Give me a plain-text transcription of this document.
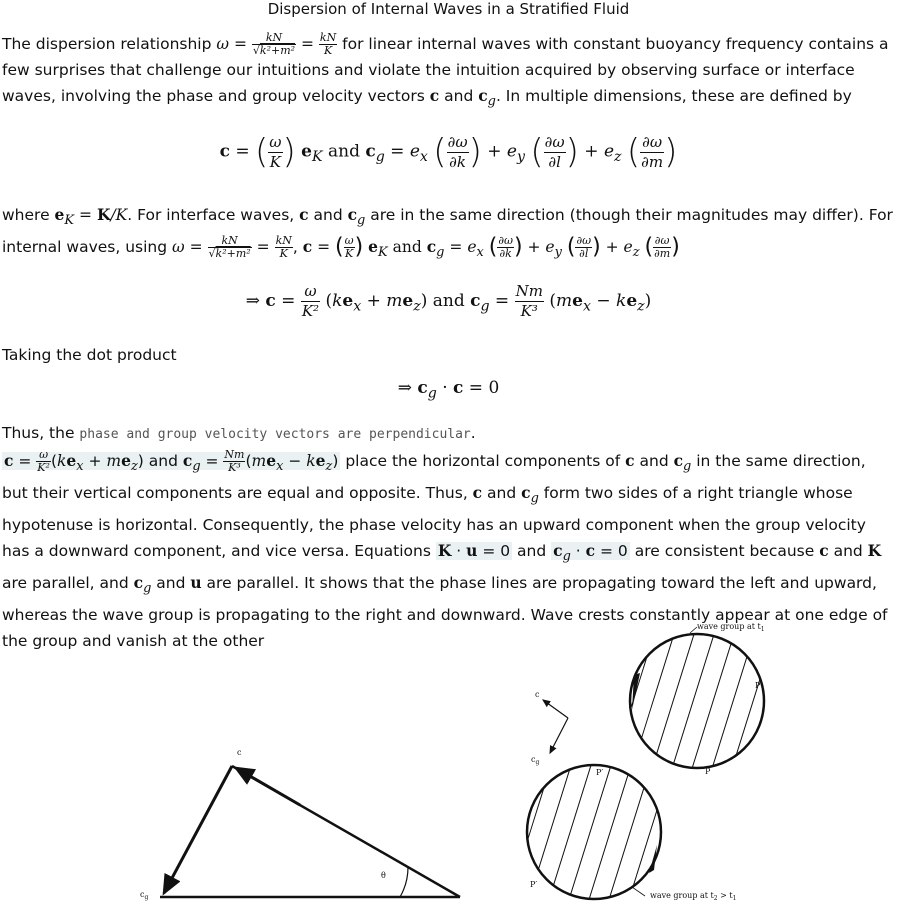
Dispersion of Internal Waves in a Stratified Fluid
The dispersion relationship $\omega = \frac{kN}{\text{√k²+m²}} = \frac{kN}{K}$ for linear internal waves with constant buoyancy frequency contains a few surprises that challenge our intuitions and violate the intuition acquired by observing surface or interface waves, involving the phase and group velocity vectors c and $c_g$. In multiple dimensions, these are defined by
c = ( $\frac{\omega}{K}$ ) $e_K$ and $c_g = e_x$ ( $\frac{\partial\omega}{\partial k}$ ) + $e_y$ ( $\frac{\partial\omega}{\partial l}$ ) + $e_z$ ( $\frac{\partial\omega}{\partial m}$ )
where $e_K = K/K$. For interface waves, c and $c_g$ are in the same direction (though their magnitudes may differ). For internal waves, using $\omega = \frac{kN}{\text{√k²+m²}} = \frac{kN}{K}$ , c = ( $\frac{\omega}{K}$ ) $e_K$ and $c_g = e_x$ ( $\frac{\partial\omega}{\partial k}$ ) + $e_y$ ( $\frac{\partial\omega}{\partial l}$ ) + $e_z$ ( $\frac{\partial\omega}{\partial m}$ )
⇒ $c = \frac{\omega}{\text{K²}} (ke_x + me_z)$ and $c_g = \frac{Nm}{\text{K³}} (me_x - ke_z)$
Taking the dot product
⇒ $c_g \cdot c = 0$
Thus, the phase and group velocity vectors are perpendicular.
$c = \frac{\omega}{\text{K²}} (ke_x + me_z)$ and $c_g = \frac{Nm}{\text{K³}} (me_x - ke_z)$ place the horizontal components of c and $c_g$ in the same direction, but their vertical components are equal and opposite. Thus, c and $c_g$ form two sides of a right triangle whose hypotenuse is horizontal. Consequently, the phase velocity has an upward component when the group velocity has a downward component, and vice versa. Equations K · u = 0 and $c_g \cdot c = 0$ are consistent because c and K are parallel, and $c_g$ and u are parallel. It shows that the phase lines are propagating toward the left and upward, whereas the wave group is propagating to the right and downward. Wave crests constantly appear at one edge of the group and vanish at the other
c
$c_g$
θ
c
$c_g$
wave group at $t_1$
P
P
wave group at $t_2 > t_1$
P′
P′
